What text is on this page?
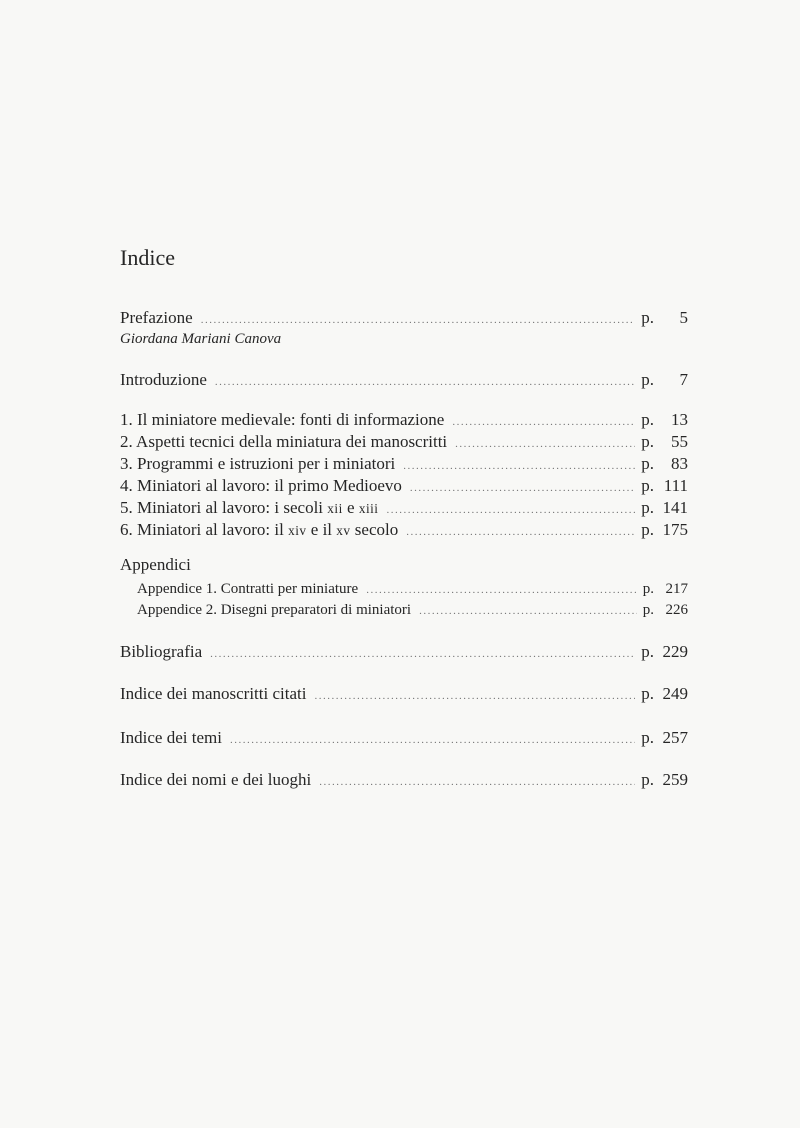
Indice
Prefazione .....	p.	5
Giordana Mariani Canova
Introduzione .....	p.	7
1. Il miniatore medievale: fonti di informazione .....	p.	13
2. Aspetti tecnici della miniatura dei manoscritti .....	p.	55
3. Programmi e istruzioni per i miniatori .....	p.	83
4. Miniatori al lavoro: il primo Medioevo .....	p. 111
5. Miniatori al lavoro: i secoli xii e xiii .....	p. 141
6. Miniatori al lavoro: il xiv e il xv secolo .....	p. 175
Appendici
Appendice 1. Contratti per miniature .....	p. 217
Appendice 2. Disegni preparatori di miniatori .....	p. 226
Bibliografia .....	p. 229
Indice dei manoscritti citati .....	p. 249
Indice dei temi .....	p. 257
Indice dei nomi e dei luoghi .....	p. 259
